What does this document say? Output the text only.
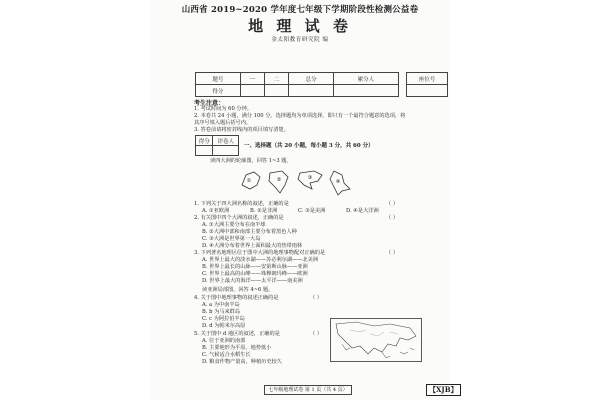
山西省 2019~2020 学年度七年级下学期阶段性检测公益卷
地 理 试 卷
金太阳教育研究院 编
题号	一	二	总分	累分人
得分				
座位号

考生注意：
1. 考试时间为 60 分钟。
2. 本卷共 24 小题，满分 100 分。选择题均为单项选择，即只有一个最符合题意的选项，将
其序号填入题后括号内。
3. 答卷前请将密封线内的项目填写清楚。
得分	评卷人

一、选择题（共 20 小题，每小题 3 分，共 60 分）
读四大洲的轮廓图，回答 1~3 题。
①	②	③
④
1. 下列关于四大洲名称的叙述，正确的是	（ ）
A. ①亚欧洲	B. ②是非洲	C. ③是美洲	D. ④是大洋洲
2. 有关图中四个大洲的叙述，正确的是	（ ）
A. ①大洲主要分布在南半球
B. ②大洲中部和南部主要分布着黑色人种
C. ③大洲是世界第一大岛
D. ④大洲分布着世界上面积最大的热带雨林
3. 下列著名地理区位于图中大洲的地理事物配对正确的是	（ ）
A. 世界上最大的淡水湖——苏必利尔湖——北美洲
B. 世界上最长的山脉——安第斯山脉——亚洲
C. 世界上最高的山峰——珠穆朗玛峰——欧洲
D. 世界上最大的海洋——太平洋——南美洲
读亚洲局部图，回答 4~6 题。
4. 关于图中地理事物的叙述正确的是	（ ）
A. a 为中南半岛
B. b 为马来群岛
C. c 为阿拉伯半岛
D. d 为帕米尔高原
5. 关于图中 d 地区的叙述，正确的是	（ ）
A. 位于亚洲的南部
B. 主要地形为平原，地势低小
C. 气候适合水稻生长
D. 粮食作物产量高，种植历史较久
七年级地理试卷 第 1 页（共 4 页）	【XJB】
